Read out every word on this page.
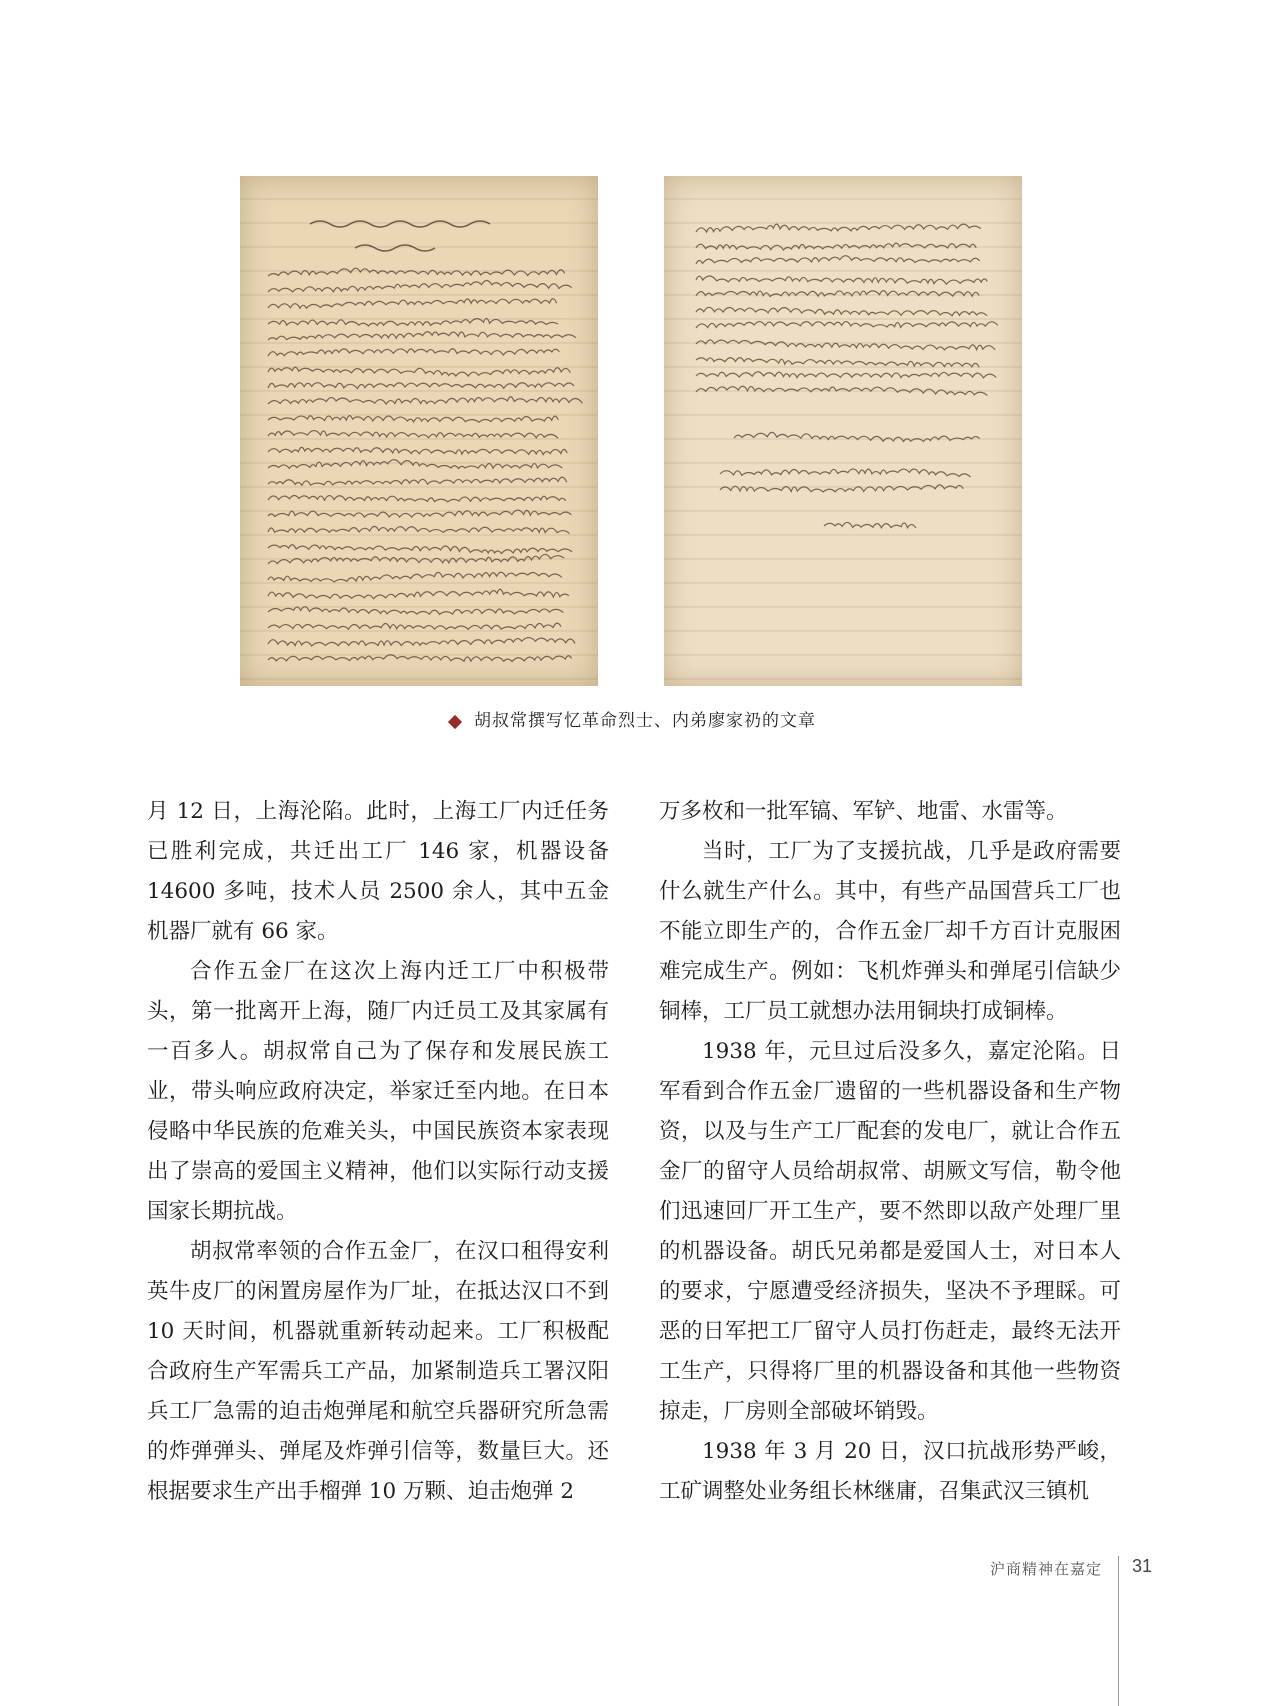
胡叔常撰写忆革命烈士、内弟廖家礽的文章

月 12 日，上海沦陷。此时，上海工厂内迁任务已胜利完成，共迁出工厂 146 家，机器设备 14600 多吨，技术人员 2500 余人，其中五金机器厂就有 66 家。

合作五金厂在这次上海内迁工厂中积极带头，第一批离开上海，随厂内迁员工及其家属有一百多人。胡叔常自己为了保存和发展民族工业，带头响应政府决定，举家迁至内地。在日本侵略中华民族的危难关头，中国民族资本家表现出了崇高的爱国主义精神，他们以实际行动支援国家长期抗战。

胡叔常率领的合作五金厂，在汉口租得安利英牛皮厂的闲置房屋作为厂址，在抵达汉口不到 10 天时间，机器就重新转动起来。工厂积极配合政府生产军需兵工产品，加紧制造兵工署汉阳兵工厂急需的迫击炮弹尾和航空兵器研究所急需的炸弹弹头、弹尾及炸弹引信等，数量巨大。还根据要求生产出手榴弹 10 万颗、迫击炮弹 2

万多枚和一批军镐、军铲、地雷、水雷等。

当时，工厂为了支援抗战，几乎是政府需要什么就生产什么。其中，有些产品国营兵工厂也不能立即生产的，合作五金厂却千方百计克服困难完成生产。例如：飞机炸弹头和弹尾引信缺少铜棒，工厂员工就想办法用铜块打成铜棒。

1938 年，元旦过后没多久，嘉定沦陷。日军看到合作五金厂遗留的一些机器设备和生产物资，以及与生产工厂配套的发电厂，就让合作五金厂的留守人员给胡叔常、胡厥文写信，勒令他们迅速回厂开工生产，要不然即以敌产处理厂里的机器设备。胡氏兄弟都是爱国人士，对日本人的要求，宁愿遭受经济损失，坚决不予理睬。可恶的日军把工厂留守人员打伤赶走，最终无法开工生产，只得将厂里的机器设备和其他一些物资掠走，厂房则全部破坏销毁。

1938 年 3 月 20 日，汉口抗战形势严峻，工矿调整处业务组长林继庸，召集武汉三镇机

沪商精神在嘉定 31
